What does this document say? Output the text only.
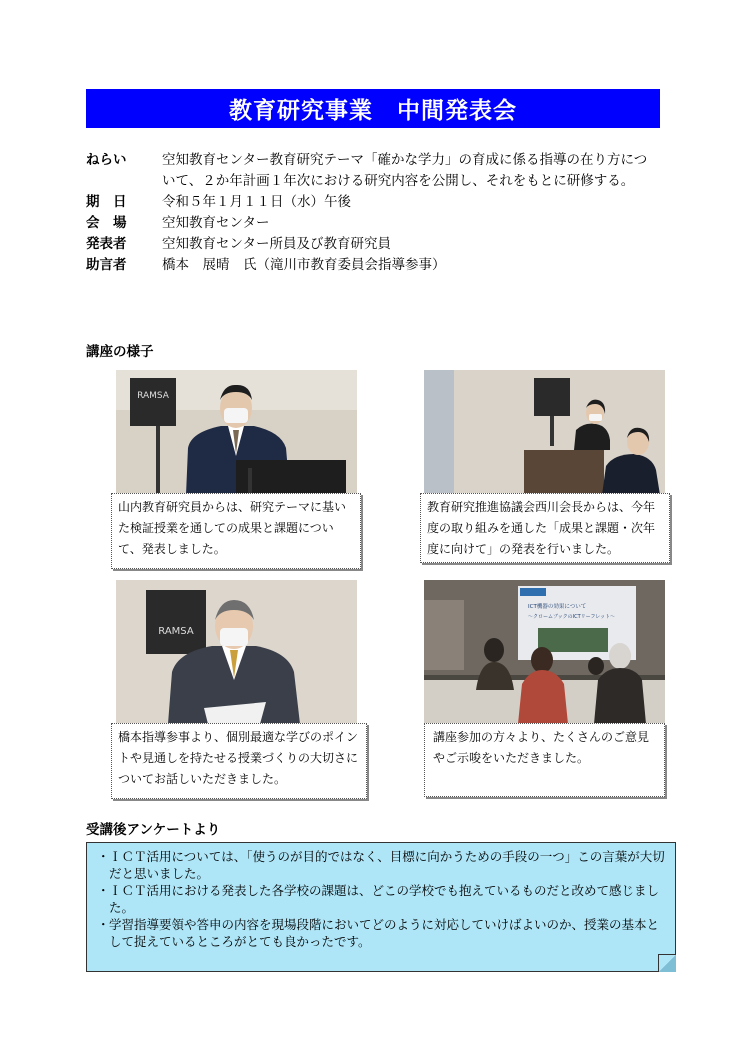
教育研究事業　中間発表会
ねらい	空知教育センター教育研究テーマ「確かな学力」の育成に係る指導の在り方について、２か年計画１年次における研究内容を公開し、それをもとに研修する。
期　日	令和５年１月１１日（水）午後
会　場	空知教育センター
発表者	空知教育センター所員及び教育研究員
助言者	橋本　展晴　氏（滝川市教育委員会指導参事）
講座の様子
RAMSA
山内教育研究員からは、研究テーマに基いた検証授業を通しての成果と課題について、発表しました。
教育研究推進協議会西川会長からは、今年度の取り組みを通した「成果と課題・次年度に向けて」の発表を行いました。
RAMSA
橋本指導参事より、個別最適な学びのポイントや見通しを持たせる授業づくりの大切さについてお話しいただきました。
ICT機器の効果について
～クロームブックのICTリーフレット～
講座参加の方々より、たくさんのご意見やご示唆をいただきました。
受講後アンケートより
・ ＩＣＴ活用については、「使うのが目的ではなく、目標に向かうための手段の一つ」この言葉が大切だと思いました。
・ ＩＣＴ活用における発表した各学校の課題は、どこの学校でも抱えているものだと改めて感じました。
・ 学習指導要領や答申の内容を現場段階においてどのように対応していけばよいのか、授業の基本として捉えているところがとても良かったです。
